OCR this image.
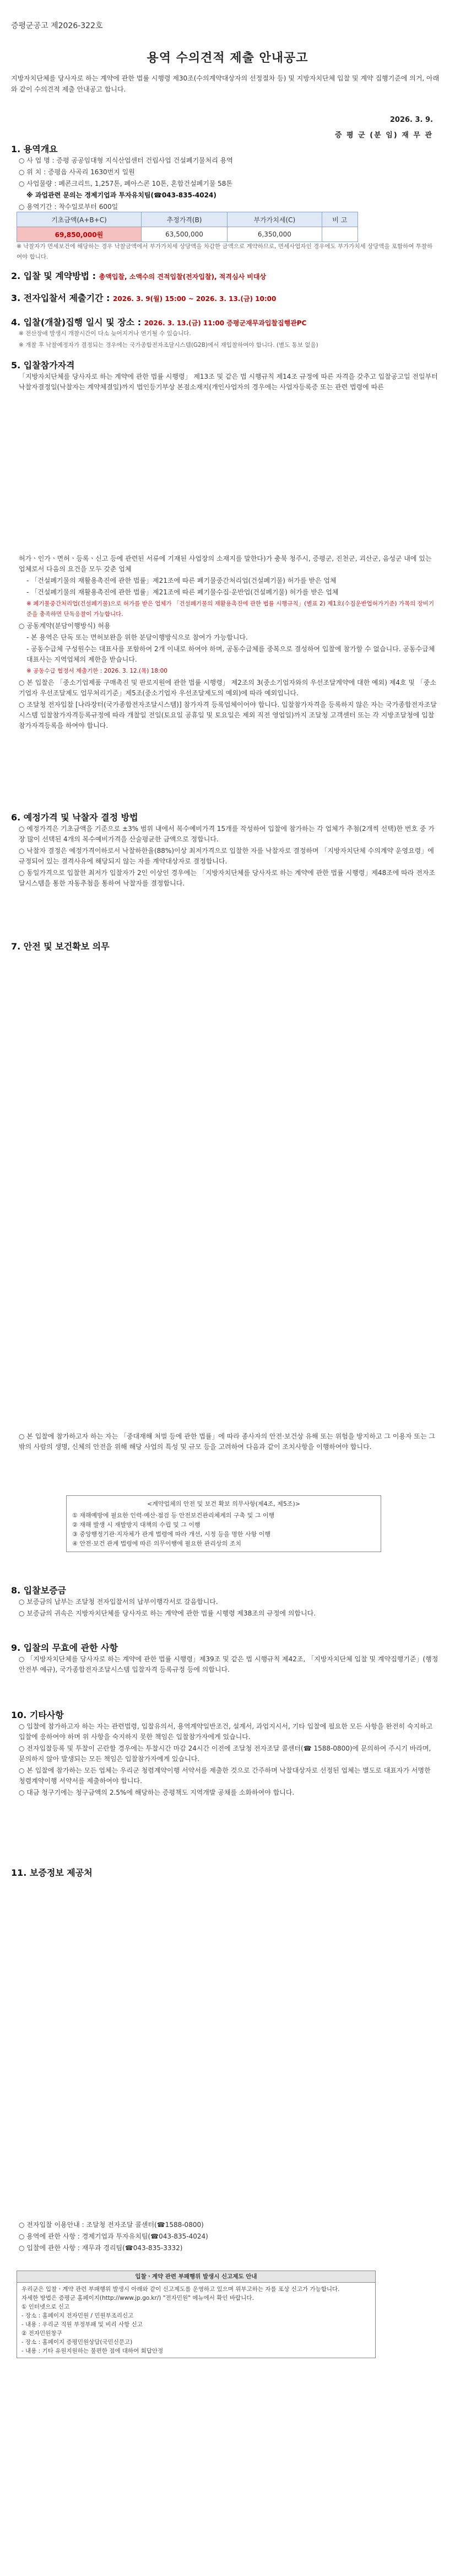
증평군공고 제2026-322호
용역 수의견적 제출 안내공고
지방자치단체를 당사자로 하는 계약에 관한 법률 시행령 제30조(수의계약대상자의 선정절차 등) 및 지방자치단체 입찰 및 계약 집행기준에 의거, 아래와 같이 수의견적 제출 안내공고 합니다.
2026. 3. 9.
증 평 군 (분 임) 재 무 관
1. 용역개요

○ 사 업 명 : 증평 공공임대형 지식산업센터 건립사업 건설폐기물처리 용역

○ 위 치 : 증평읍 사곡리 1630번지 일원

○ 사업물량 : 폐콘크리트, 1,257톤, 폐아스콘 10톤, 혼합건설폐기물 58톤

※ 과업관련 문의는 경제기업과 투자유치팀(☎043-835-4024)

○ 용역기간 : 착수일로부터 600일

기초금액(A+B+C)	추정가격(B)	부가가치세(C)	비 고
69,850,000원	63,500,000	6,350,000	

※ 낙찰자가 면세보건에 해당하는 경우 낙찰금액에서 부가가치세 상당액을 차감한 금액으로 계약하므로, 면세사업자인 경우에도 부가가치세 상당액을 포함하여 투찰하여야 합니다.

2. 입찰 및 계약방법 : 총액입찰, 소액수의 견적입찰(전자입찰), 적격심사 비대상
3. 전자입찰서 제출기간 : 2026. 3. 9(월) 15:00 ~ 2026. 3. 13.(금) 10:00
4. 입찰(개찰)집행 일시 및 장소 : 2026. 3. 13.(금) 11:00 증평군재무과입찰집행관PC

※ 전산장애 발생시 개찰시간이 다소 늦어지거나 연기될 수 있습니다.

※ 개찰 후 낙찰예정자가 결정되는 경우에는 국가종합전자조달시스템(G2B)에서 재입찰하여야 합니다. (별도 통보 없음)

5. 입찰참가자격

「지방자치단체를 당사자로 하는 계약에 관한 법률 시행령」 제13조 및 같은 법 시행규칙 제14조 규정에 따른 자격을 갖추고 입찰공고일 전일부터 낙찰자결정일(낙찰자는 계약체결일)까지 법인등기부상 본점소재지(개인사업자의 경우에는 사업자등록증 또는 관련 법령에 따른

허가ㆍ인가ㆍ면허ㆍ등록ㆍ신고 등에 관련된 서류에 기재된 사업장의 소재지를 말한다)가 충북 청주시, 증평군, 진천군, 괴산군, 음성군 내에 있는 업체로서 다음의 요건을 모두 갖춘 업체

- 「건설폐기물의 재활용촉진에 관한 법률」제21조에 따른 폐기물중간처리업(건설폐기물) 허가를 받은 업체

- 「건설폐기물의 재활용촉진에 관한 법률」제21조에 따른 폐기물수집·운반업(건설폐기물) 허가를 받은 업체

※ 폐기물중간처리업(건설폐기물)으로 허가를 받은 업체가 「건설폐기물의 재활용촉진에 관한 법률 시행규칙」(별표 2) 제1호(수집운반업허가기준) 가목의 장비기준을 충족하면 단독응찰이 가능합니다.

○ 공동계약(분담이행방식) 허용

- 본 용역은 단독 또는 면허보완을 위한 분담이행방식으로 참여가 가능합니다.

- 공동수급체 구성원수는 대표사를 포함하여 2개 이내로 하여야 하며, 공동수급체를 중복으로 결성하여 입찰에 참가할 수 없습니다. 공동수급체 대표사는 지역업체의 제한을 받습니다.

※ 공동수급 협정서 제출기한 : 2026. 3. 12.(목) 18:00

○ 본 입찰은 「중소기업제품 구매촉진 및 판로지원에 관한 법률 시행령」 제2조의 3(중소기업자와의 우선조달계약에 대한 예외) 제4호 및 「중소기업자 우선조달제도 업무처리기준」제5조(중소기업자 우선조달제도의 예외)에 따라 예외입니다.

○ 조달청 전자입찰 [나라장터(국가종합전자조달시스템)] 참가자격 등록업체이어야 합니다. 입찰참가자격을 등록하지 않은 자는 국가종합전자조달시스템 입찰참가자격등록규정에 따라 개찰일 전일(토요일 공휴일 및 토요일은 제외 직전 영업일)까지 조달청 고객센터 또는 각 지방조달청에 입찰참가자격등록을 하여야 합니다.

6. 예정가격 및 낙찰자 결정 방법

○ 예정가격은 기초금액을 기준으로 ±3% 범위 내에서 복수예비가격 15개를 작성하여 입찰에 참가하는 각 업체가 추첨(2개씩 선택)한 번호 중 가장 많이 선택된 4개의 복수예비가격을 산술평균한 금액으로 정합니다.

○ 낙찰자 결정은 예정가격이하로서 낙찰하한율(88%)이상 최저가격으로 입찰한 자를 낙찰자로 결정하며 「지방자치단체 수의계약 운영요령」에 규정되어 있는 결격사유에 해당되지 않는 자를 계약대상자로 결정합니다.

○ 동일가격으로 입찰한 최저가 입찰자가 2인 이상인 경우에는 「지방자치단체를 당사자로 하는 계약에 관한 법률 시행령」제48조에 따라 전자조달시스템을 통한 자동추첨을 통하여 낙찰자를 결정합니다.

7. 안전 및 보건확보 의무

○ 본 입찰에 참가하고자 하는 자는 「중대재해 처벌 등에 관한 법률」에 따라 종사자의 안전·보건상 유해 또는 위험을 방지하고 그 이용자 또는 그 밖의 사람의 생명, 신체의 안전을 위해 해당 사업의 특성 및 규모 등을 고려하여 다음과 같이 조치사항을 이행하여야 합니다.

<계약업체의 안전 및 보건 확보 의무사항(제4조, 제5조)>
① 재해예방에 필요한 인력·예산·점검 등 안전보건관리체계의 구축 및 그 이행
② 재해 발생 시 재발방지 대책의 수립 및 그 이행
③ 중앙행정기관·지자체가 관계 법령에 따라 개선, 시정 등을 명한 사항 이행
④ 안전·보건 관계 법령에 따른 의무이행에 필요한 관리상의 조치
8. 입찰보증금

○ 보증금의 납부는 조달청 전자입찰서의 납부이행각서로 갈음합니다.

○ 보증금의 귀속은 지방자치단체를 당사자로 하는 계약에 관한 법률 시행령 제38조의 규정에 의합니다.

9. 입찰의 무효에 관한 사항

○ 「지방자치단체를 당사자로 하는 계약에 관한 법률 시행령」제39조 및 같은 법 시행규칙 제42조, 「지방자치단체 입찰 및 계약집행기준」(행정안전부 예규), 국가종합전자조달시스템 입찰자격 등록규정 등에 의합니다.

10. 기타사항

○ 입찰에 참가하고자 하는 자는 관련법령, 입찰유의서, 용역계약일반조건, 설계서, 과업지시서, 기타 입찰에 필요한 모든 사항을 완전히 숙지하고 입찰에 응하여야 하며 위 사항을 숙지하지 못한 책임은 입찰참가자에게 있습니다.

○ 전자입찰등록 및 투찰이 곤란할 경우에는 투찰시간 마감 24시간 이전에 조달청 전자조달 콜센터(☎ 1588-0800)에 문의하여 주시기 바라며, 문의하지 않아 발생되는 모든 책임은 입찰참가자에게 있습니다.

○ 본 입찰에 참가하는 모든 업체는 우리군 청렴계약이행 서약서를 제출한 것으로 간주하며 낙찰대상자로 선정된 업체는 별도로 대표자가 서명한 청렴계약이행 서약서를 제출하여야 합니다.

○ 대금 청구기에는 청구금액의 2.5%에 해당하는 증평책도 지역개발 공채를 소화하여야 합니다.

11. 보증정보 제공처

○ 전자입찰 이용안내 : 조달청 전자조달 콜센터(☎1588-0800)

○ 용역에 관한 사항 : 경제기업과 투자유치팀(☎043-835-4024)

○ 입찰에 관한 사항 : 재무과 경리팀(☎043-835-3332)

입찰ㆍ계약 관련 부패행위 발생시 신고제도 안내
우리군은 입찰ㆍ계약 관련 부패행위 발생시 아래와 같이 신고제도를 운영하고 있으며 위부고하는 자를 포상 신고가 가능합니다.
자세한 방법은 증평군 홈페이지(http://www.jp.go.kr/) "전자민원" 메뉴에서 확인 바랍니다.
① 인터넷으로 신고
- 장소 : 홈페이지 전자민원 / 민원부조리신고
- 내용 : 우리군 직원 부정부패 및 비리 사항 신고
② 전자민원창구
- 장소 : 홈페이지 증평민원상담(국민신문고)
- 내용 : 기타 유원지원하는 불편한 점에 대하여 회답안정
